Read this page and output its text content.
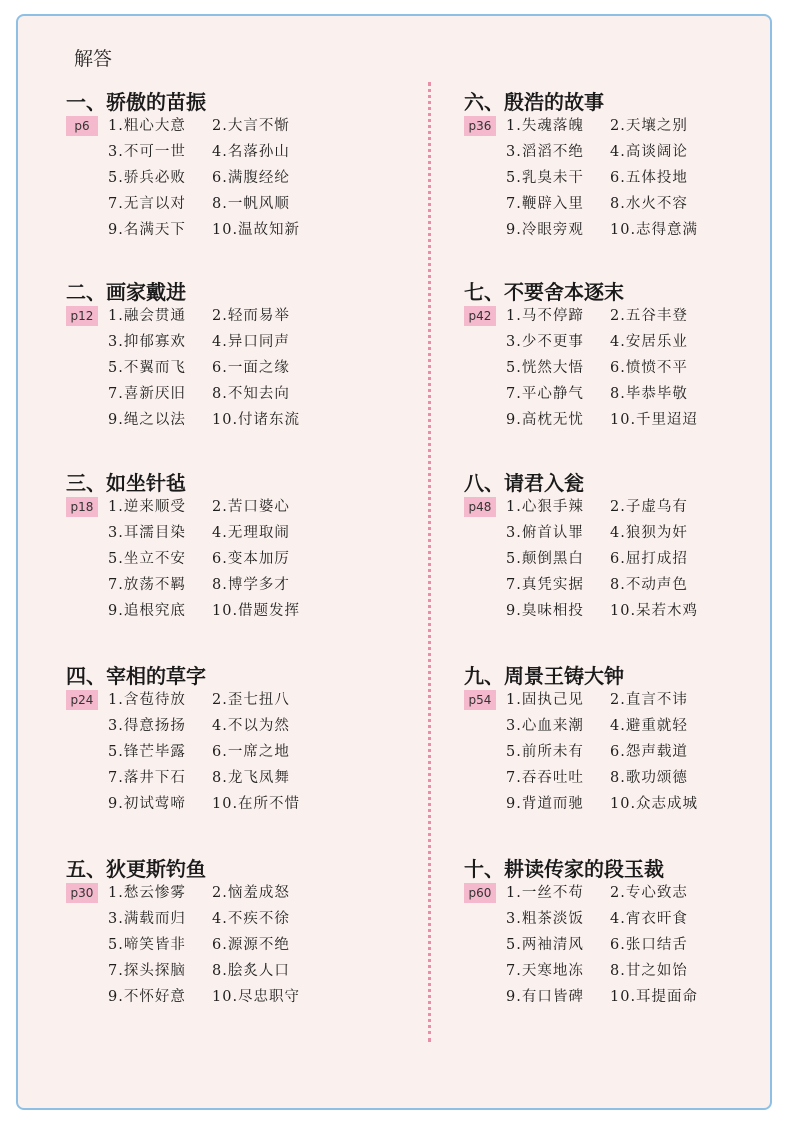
解答
一、骄傲的苗振
p6	1.粗心大意 2.大言不惭
3.不可一世 4.名落孙山
5.骄兵必败 6.满腹经纶
7.无言以对 8.一帆风顺
9.名满天下 10.温故知新
二、画家戴进
p12	1.融会贯通 2.轻而易举
3.抑郁寡欢 4.异口同声
5.不翼而飞 6.一面之缘
7.喜新厌旧 8.不知去向
9.绳之以法 10.付诸东流
三、如坐针毡
p18	1.逆来顺受 2.苦口婆心
3.耳濡目染 4.无理取闹
5.坐立不安 6.变本加厉
7.放荡不羁 8.博学多才
9.追根究底 10.借题发挥
四、宰相的草字
p24	1.含苞待放 2.歪七扭八
3.得意扬扬 4.不以为然
5.锋芒毕露 6.一席之地
7.落井下石 8.龙飞凤舞
9.初试莺啼 10.在所不惜
五、狄更斯钓鱼
p30	1.愁云惨雾 2.恼羞成怒
3.满载而归 4.不疾不徐
5.啼笑皆非 6.源源不绝
7.探头探脑 8.脍炙人口
9.不怀好意 10.尽忠职守
六、殷浩的故事
p36	1.失魂落魄 2.天壤之别
3.滔滔不绝 4.高谈阔论
5.乳臭未干 6.五体投地
7.鞭辟入里 8.水火不容
9.冷眼旁观 10.志得意满
七、不要舍本逐末
p42	1.马不停蹄 2.五谷丰登
3.少不更事 4.安居乐业
5.恍然大悟 6.愤愤不平
7.平心静气 8.毕恭毕敬
9.高枕无忧 10.千里迢迢
八、请君入瓮
p48	1.心狠手辣 2.子虚乌有
3.俯首认罪 4.狼狈为奸
5.颠倒黑白 6.屈打成招
7.真凭实据 8.不动声色
9.臭味相投 10.呆若木鸡
九、周景王铸大钟
p54	1.固执己见 2.直言不讳
3.心血来潮 4.避重就轻
5.前所未有 6.怨声载道
7.吞吞吐吐 8.歌功颂德
9.背道而驰 10.众志成城
十、耕读传家的段玉裁
p60	1.一丝不苟 2.专心致志
3.粗茶淡饭 4.宵衣旰食
5.两袖清风 6.张口结舌
7.天寒地冻 8.甘之如饴
9.有口皆碑 10.耳提面命
